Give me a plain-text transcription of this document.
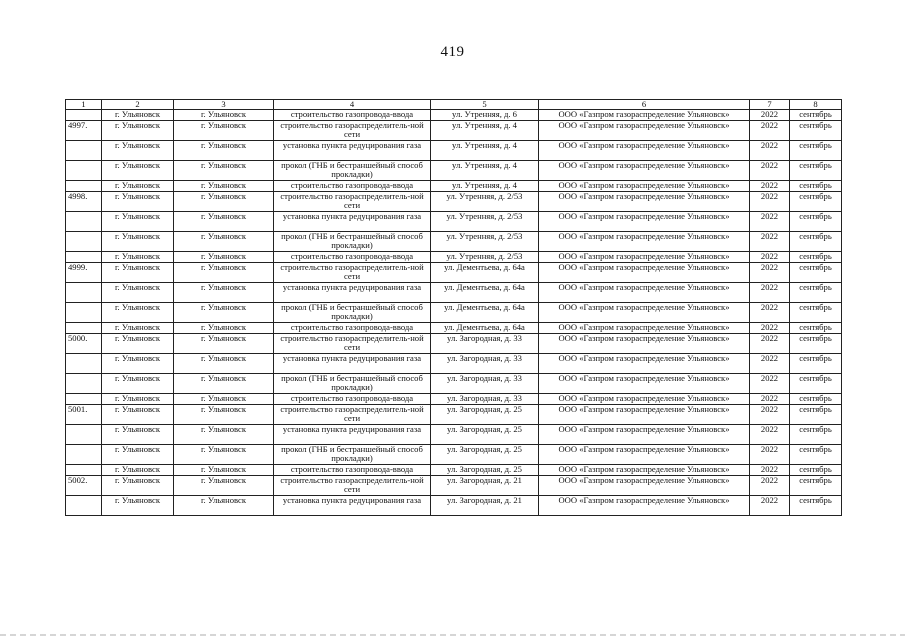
419
1	2	3	4	5	6	7	8
	г. Ульяновск	г. Ульяновск	строительство газопровода-ввода	ул. Утренняя, д. 6	ООО «Газпром газораспределение Ульяновск»	2022	сентябрь
4997.	г. Ульяновск	г. Ульяновск	строительство газораспределитель-ной сети	ул. Утренняя, д. 4	ООО «Газпром газораспределение Ульяновск»	2022	сентябрь
	г. Ульяновск	г. Ульяновск	установка пункта редуцирования газа	ул. Утренняя, д. 4	ООО «Газпром газораспределение Ульяновск»	2022	сентябрь
	г. Ульяновск	г. Ульяновск	прокол (ГНБ и бестраншейный способ прокладки)	ул. Утренняя, д. 4	ООО «Газпром газораспределение Ульяновск»	2022	сентябрь
	г. Ульяновск	г. Ульяновск	строительство газопровода-ввода	ул. Утренняя, д. 4	ООО «Газпром газораспределение Ульяновск»	2022	сентябрь
4998.	г. Ульяновск	г. Ульяновск	строительство газораспределитель-ной сети	ул. Утренняя, д. 2/53	ООО «Газпром газораспределение Ульяновск»	2022	сентябрь
	г. Ульяновск	г. Ульяновск	установка пункта редуцирования газа	ул. Утренняя, д. 2/53	ООО «Газпром газораспределение Ульяновск»	2022	сентябрь
	г. Ульяновск	г. Ульяновск	прокол (ГНБ и бестраншейный способ прокладки)	ул. Утренняя, д. 2/53	ООО «Газпром газораспределение Ульяновск»	2022	сентябрь
	г. Ульяновск	г. Ульяновск	строительство газопровода-ввода	ул. Утренняя, д. 2/53	ООО «Газпром газораспределение Ульяновск»	2022	сентябрь
4999.	г. Ульяновск	г. Ульяновск	строительство газораспределитель-ной сети	ул. Дементьева, д. 64а	ООО «Газпром газораспределение Ульяновск»	2022	сентябрь
	г. Ульяновск	г. Ульяновск	установка пункта редуцирования газа	ул. Дементьева, д. 64а	ООО «Газпром газораспределение Ульяновск»	2022	сентябрь
	г. Ульяновск	г. Ульяновск	прокол (ГНБ и бестраншейный способ прокладки)	ул. Дементьева, д. 64а	ООО «Газпром газораспределение Ульяновск»	2022	сентябрь
	г. Ульяновск	г. Ульяновск	строительство газопровода-ввода	ул. Дементьева, д. 64а	ООО «Газпром газораспределение Ульяновск»	2022	сентябрь
5000.	г. Ульяновск	г. Ульяновск	строительство газораспределитель-ной сети	ул. Загородная, д. 33	ООО «Газпром газораспределение Ульяновск»	2022	сентябрь
	г. Ульяновск	г. Ульяновск	установка пункта редуцирования газа	ул. Загородная, д. 33	ООО «Газпром газораспределение Ульяновск»	2022	сентябрь
	г. Ульяновск	г. Ульяновск	прокол (ГНБ и бестраншейный способ прокладки)	ул. Загородная, д. 33	ООО «Газпром газораспределение Ульяновск»	2022	сентябрь
	г. Ульяновск	г. Ульяновск	строительство газопровода-ввода	ул. Загородная, д. 33	ООО «Газпром газораспределение Ульяновск»	2022	сентябрь
5001.	г. Ульяновск	г. Ульяновск	строительство газораспределитель-ной сети	ул. Загородная, д. 25	ООО «Газпром газораспределение Ульяновск»	2022	сентябрь
	г. Ульяновск	г. Ульяновск	установка пункта редуцирования газа	ул. Загородная, д. 25	ООО «Газпром газораспределение Ульяновск»	2022	сентябрь
	г. Ульяновск	г. Ульяновск	прокол (ГНБ и бестраншейный способ прокладки)	ул. Загородная, д. 25	ООО «Газпром газораспределение Ульяновск»	2022	сентябрь
	г. Ульяновск	г. Ульяновск	строительство газопровода-ввода	ул. Загородная, д. 25	ООО «Газпром газораспределение Ульяновск»	2022	сентябрь
5002.	г. Ульяновск	г. Ульяновск	строительство газораспределитель-ной сети	ул. Загородная, д. 21	ООО «Газпром газораспределение Ульяновск»	2022	сентябрь
	г. Ульяновск	г. Ульяновск	установка пункта редуцирования газа	ул. Загородная, д. 21	ООО «Газпром газораспределение Ульяновск»	2022	сентябрь
